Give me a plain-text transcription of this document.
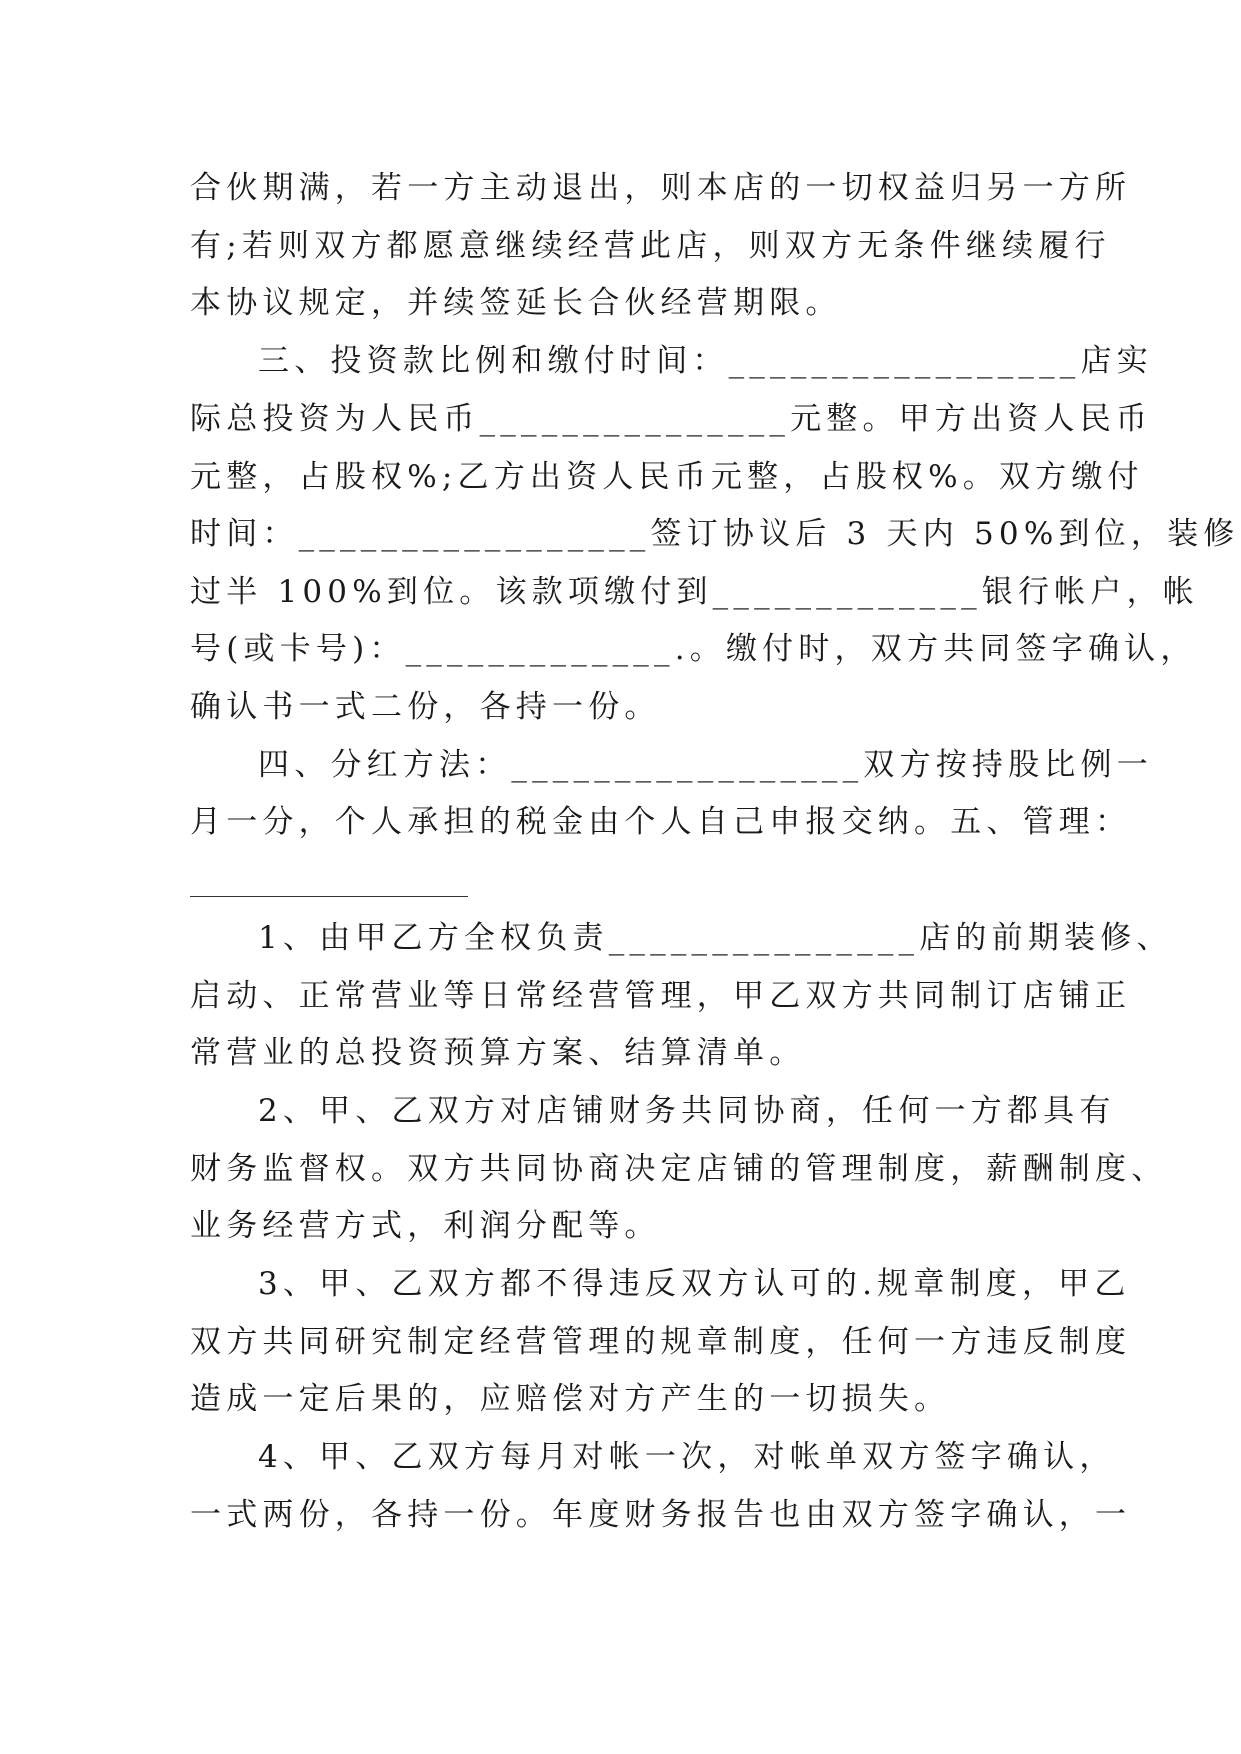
合伙期满，若一方主动退出，则本店的一切权益归另一方所
有;若则双方都愿意继续经营此店，则双方无条件继续履行
本协议规定，并续签延长合伙经营期限。
三、投资款比例和缴付时间：_________________店实
际总投资为人民币_______________元整。甲方出资人民币
元整，占股权%;乙方出资人民币元整，占股权%。双方缴付
时间：_________________签订协议后 3 天内 50%到位，装修
过半 100%到位。该款项缴付到_____________银行帐户，帐
号(或卡号)：_____________.。缴付时，双方共同签字确认，
确认书一式二份，各持一份。
四、分红方法：_________________双方按持股比例一
月一分，个人承担的税金由个人自己申报交纳。五、管理：
1、由甲乙方全权负责_______________店的前期装修、
启动、正常营业等日常经营管理，甲乙双方共同制订店铺正
常营业的总投资预算方案、结算清单。
2、甲、乙双方对店铺财务共同协商，任何一方都具有
财务监督权。双方共同协商决定店铺的管理制度，薪酬制度、
业务经营方式，利润分配等。
3、甲、乙双方都不得违反双方认可的.规章制度，甲乙
双方共同研究制定经营管理的规章制度，任何一方违反制度
造成一定后果的，应赔偿对方产生的一切损失。
4、甲、乙双方每月对帐一次，对帐单双方签字确认，
一式两份，各持一份。年度财务报告也由双方签字确认，一
